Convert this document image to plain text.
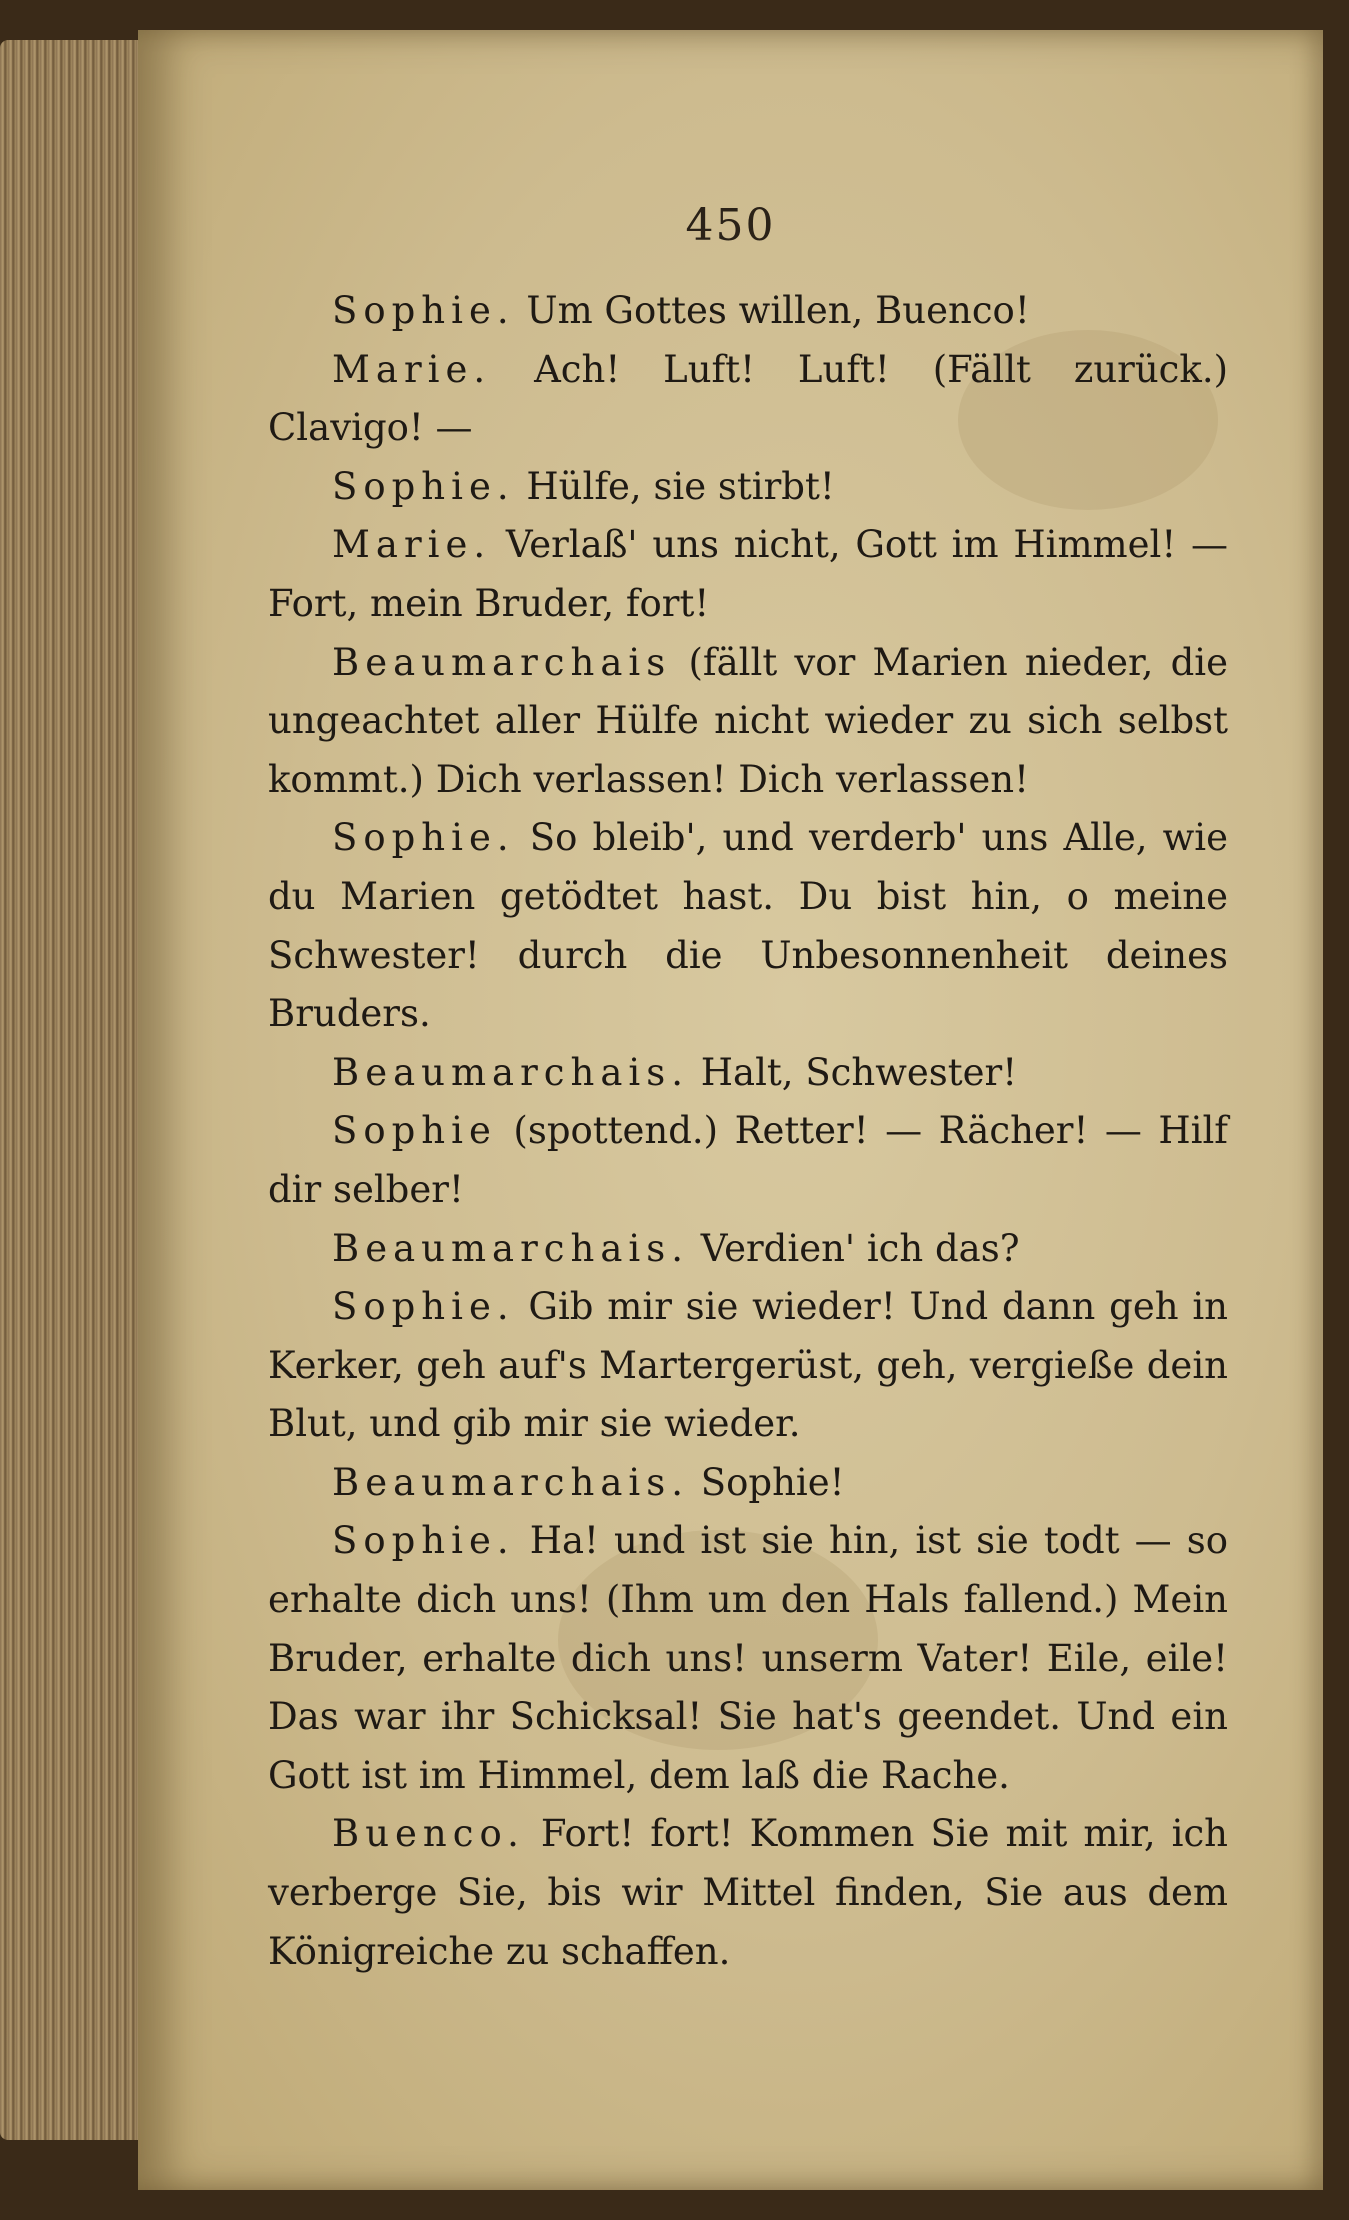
450

Sophie. Um Gottes willen, Buenco!

Marie. Ach! Luft! Luft! (Fällt zurück.) Clavigo! —

Sophie. Hülfe, sie stirbt!

Marie. Verlaß' uns nicht, Gott im Himmel! — Fort, mein Bruder, fort!

Beaumarchais (fällt vor Marien nieder, die ungeachtet aller Hülfe nicht wieder zu sich selbst kommt.) Dich verlassen! Dich verlassen!

Sophie. So bleib', und verderb' uns Alle, wie du Marien getödtet hast. Du bist hin, o meine Schwester! durch die Unbesonnenheit deines Bruders.

Beaumarchais. Halt, Schwester!

Sophie (spottend.) Retter! — Rächer! — Hilf dir selber!

Beaumarchais. Verdien' ich das?

Sophie. Gib mir sie wieder! Und dann geh in Kerker, geh auf's Martergerüst, geh, vergieße dein Blut, und gib mir sie wieder.

Beaumarchais. Sophie!

Sophie. Ha! und ist sie hin, ist sie todt — so erhalte dich uns! (Ihm um den Hals fallend.) Mein Bruder, erhalte dich uns! unserm Vater! Eile, eile! Das war ihr Schicksal! Sie hat's geendet. Und ein Gott ist im Himmel, dem laß die Rache.

Buenco. Fort! fort! Kommen Sie mit mir, ich verberge Sie, bis wir Mittel finden, Sie aus dem Königreiche zu schaffen.
